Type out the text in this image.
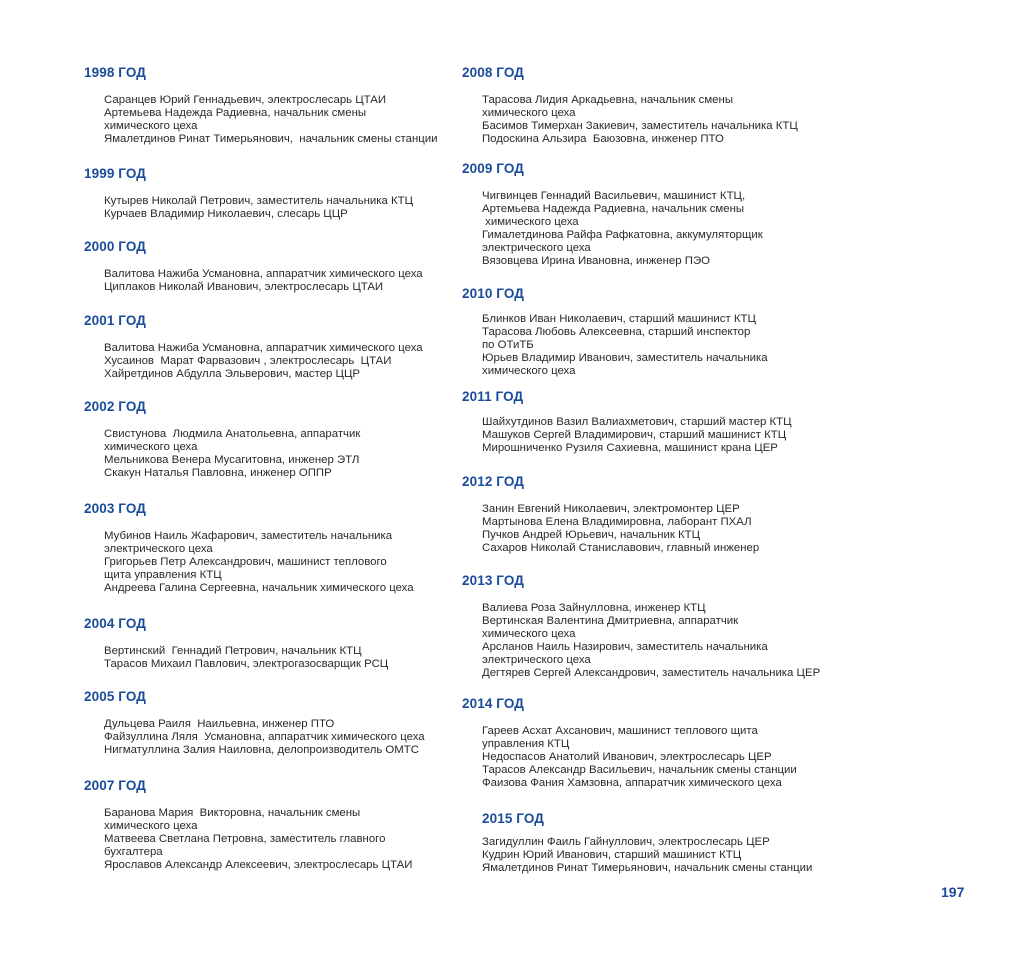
1998 ГОД

Саранцев Юрий Геннадьевич, электрослесарь ЦТАИ
Артемьева Надежда Радиевна, начальник смены
химического цеха
Ямалетдинов Ринат Тимерьянович,  начальник смены станции

1999 ГОД

Кутырев Николай Петрович, заместитель начальника КТЦ
Курчаев Владимир Николаевич, слесарь ЦЦР

2000 ГОД

Валитова Нажиба Усмановна, аппаратчик химического цеха
Циплаков Николай Иванович, электрослесарь ЦТАИ

2001 ГОД

Валитова Нажиба Усмановна, аппаратчик химического цеха
Хусаинов  Марат Фарвазович , электрослесарь  ЦТАИ
Хайретдинов Абдулла Эльверович, мастер ЦЦР

2002 ГОД

Свистунова  Людмила Анатольевна, аппаратчик
химического цеха
Мельникова Венера Мусагитовна, инженер ЭТЛ
Скакун Наталья Павловна, инженер ОППР

2003 ГОД

Мубинов Наиль Жафарович, заместитель начальника
электрического цеха
Григорьев Петр Александрович, машинист теплового
щита управления КТЦ
Андреева Галина Сергеевна, начальник химического цеха

2004 ГОД

Вертинский  Геннадий Петрович, начальник КТЦ
Тарасов Михаил Павлович, электрогазосварщик РСЦ

2005 ГОД

Дульцева Раиля  Наильевна, инженер ПТО
Файзуллина Ляля  Усмановна, аппаратчик химического цеха
Нигматуллина Залия Наиловна, делопроизводитель ОМТС

2007 ГОД

Баранова Мария  Викторовна, начальник смены
химического цеха
Матвеева Светлана Петровна, заместитель главного
бухгалтера
Ярославов Александр Алексеевич, электрослесарь ЦТАИ

2008 ГОД

Тарасова Лидия Аркадьевна, начальник смены
химического цеха
Басимов Тимерхан Закиевич, заместитель начальника КТЦ
Подоскина Альзира  Баюзовна, инженер ПТО

2009 ГОД

Чигвинцев Геннадий Васильевич, машинист КТЦ,
Артемьева Надежда Радиевна, начальник смены
химического цеха
Гималетдинова Райфа Рафкатовна, аккумуляторщик
электрического цеха
Вязовцева Ирина Ивановна, инженер ПЭО

2010 ГОД

Блинков Иван Николаевич, старший машинист КТЦ
Тарасова Любовь Алексеевна, старший инспектор
по ОТиТБ
Юрьев Владимир Иванович, заместитель начальника
химического цеха

2011 ГОД

Шайхутдинов Вазил Валиахметович, старший мастер КТЦ
Машуков Сергей Владимирович, старший машинист КТЦ
Мирошниченко Рузиля Сахиевна, машинист крана ЦЕР

2012 ГОД

Занин Евгений Николаевич, электромонтер ЦЕР
Мартынова Елена Владимировна, лаборант ПХАЛ
Пучков Андрей Юрьевич, начальник КТЦ
Сахаров Николай Станиславович, главный инженер

2013 ГОД

Валиева Роза Зайнулловна, инженер КТЦ
Вертинская Валентина Дмитриевна, аппаратчик
химического цеха
Арсланов Наиль Назирович, заместитель начальника
электрического цеха
Дегтярев Сергей Александрович, заместитель начальника ЦЕР

2014 ГОД

Гареев Асхат Ахсанович, машинист теплового щита
управления КТЦ
Недоспасов Анатолий Иванович, электрослесарь ЦЕР
Тарасов Александр Васильевич, начальник смены станции
Фаизова Фания Хамзовна, аппаратчик химического цеха

2015 ГОД

Загидуллин Фаиль Гайнуллович, электрослесарь ЦЕР
Кудрин Юрий Иванович, старший машинист КТЦ
Ямалетдинов Ринат Тимерьянович, начальник смены станции

197
